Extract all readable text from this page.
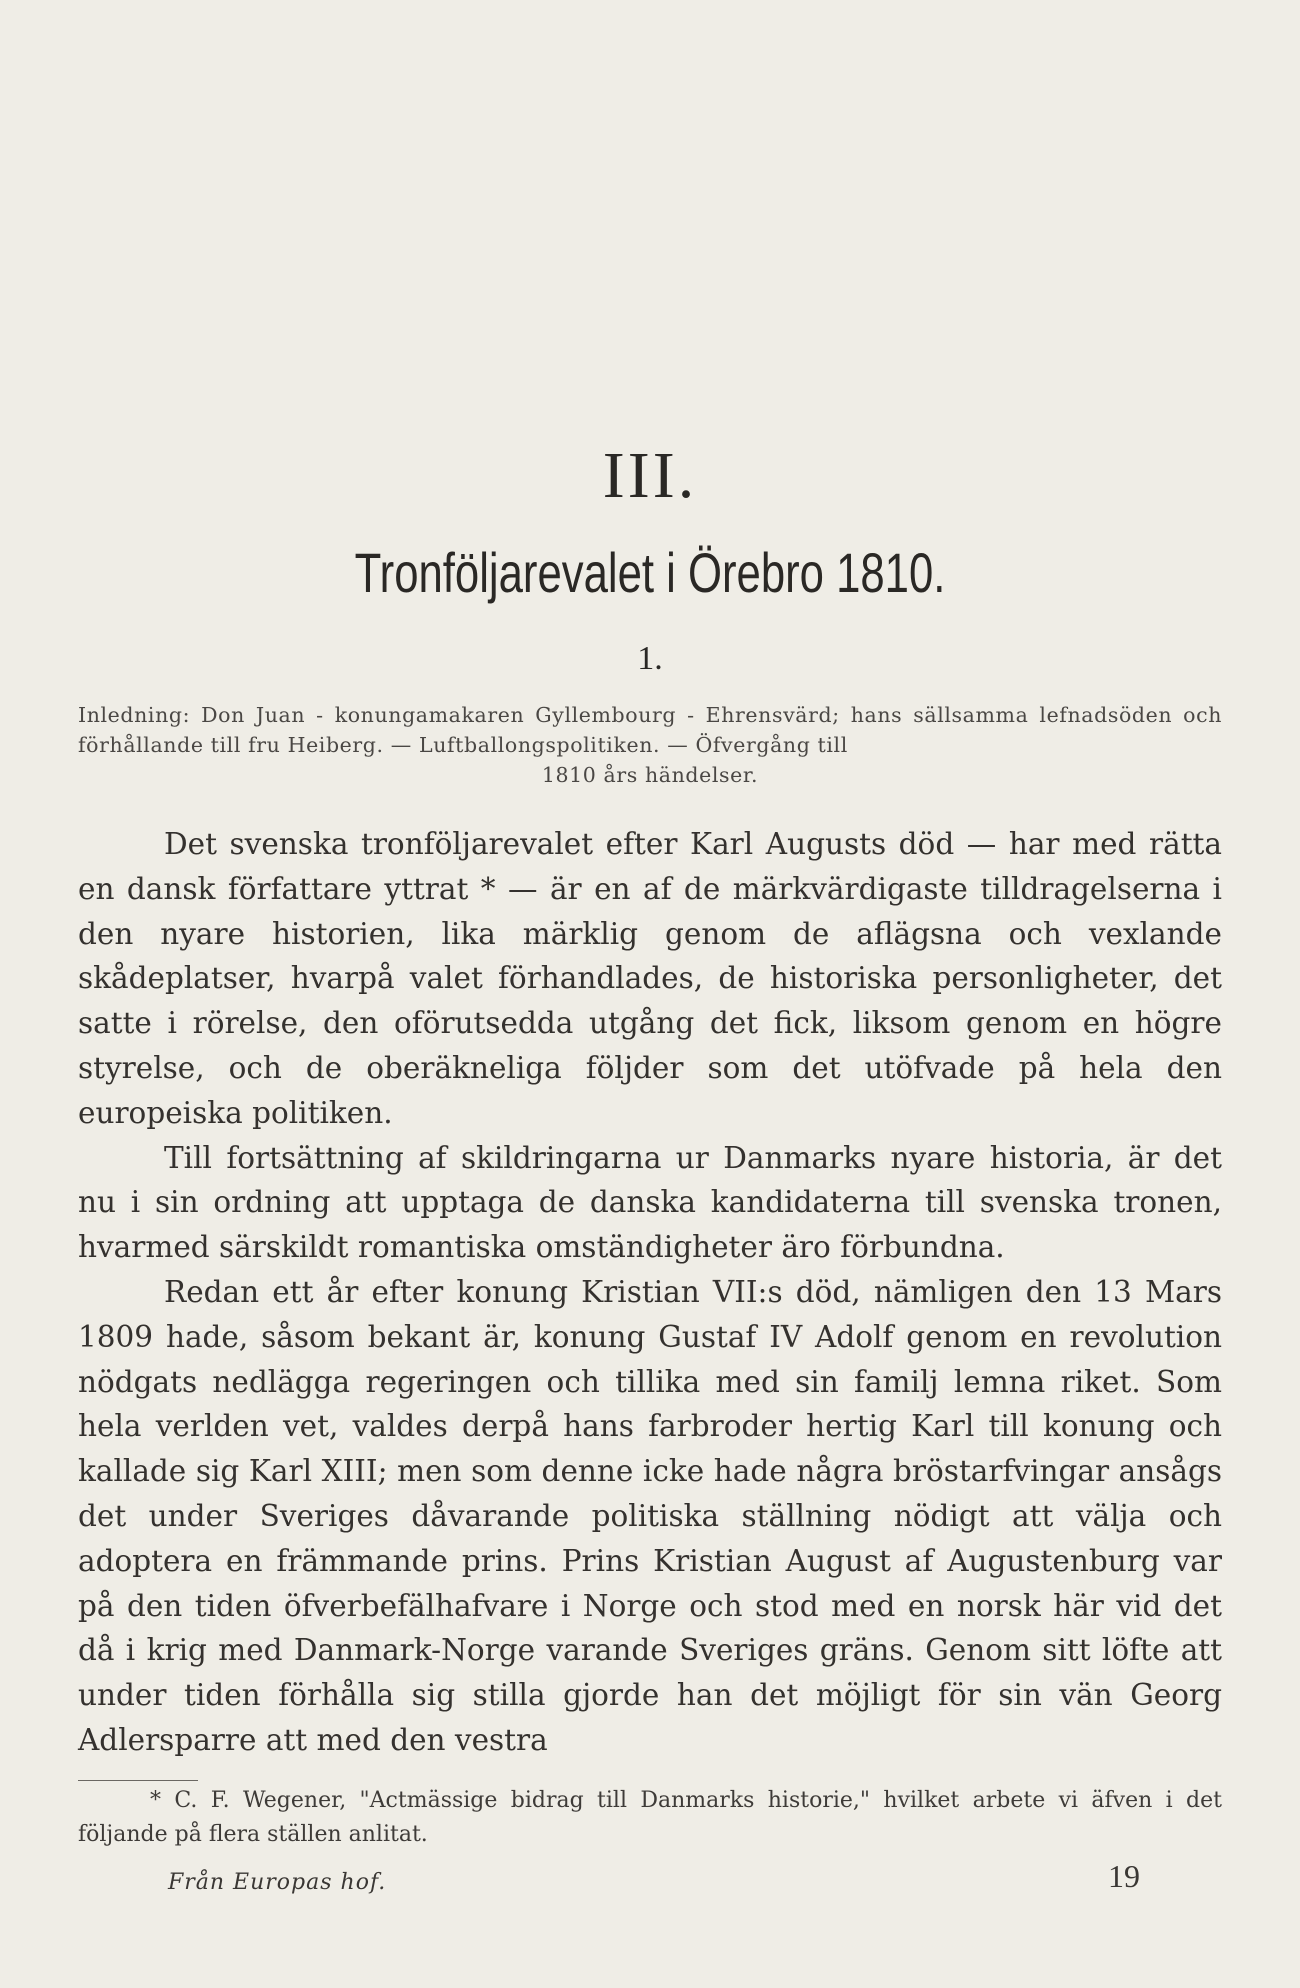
III.
Tronföljarevalet i Örebro 1810.
1.
Inledning: Don Juan - konungamakaren Gyllembourg - Ehrensvärd; hans sällsamma lefnadsöden och förhållande till fru Heiberg. — Luftballongspolitiken. — Öfvergång till
1810 års händelser.

Det svenska tronföljarevalet efter Karl Augusts död — har med rätta en dansk författare yttrat * — är en af de märkvärdigaste tilldragelserna i den nyare historien, lika märklig genom de aflägsna och vexlande skådeplatser, hvarpå valet förhandlades, de historiska personligheter, det satte i rörelse, den oförutsedda utgång det fick, liksom genom en högre styrelse, och de oberäkneliga följder som det utöfvade på hela den europeiska politiken.

Till fortsättning af skildringarna ur Danmarks nyare historia, är det nu i sin ordning att upptaga de danska kandidaterna till svenska tronen, hvarmed särskildt romantiska omständigheter äro förbundna.

Redan ett år efter konung Kristian VII:s död, nämligen den 13 Mars 1809 hade, såsom bekant är, konung Gustaf IV Adolf genom en revolution nödgats nedlägga regeringen och tillika med sin familj lemna riket. Som hela verlden vet, valdes derpå hans farbroder hertig Karl till konung och kallade sig Karl XIII; men som denne icke hade några bröstarfvingar ansågs det under Sveriges dåvarande politiska ställning nödigt att välja och adoptera en främmande prins. Prins Kristian August af Augustenburg var på den tiden öfverbefälhafvare i Norge och stod med en norsk här vid det då i krig med Danmark-Norge varande Sveriges gräns. Genom sitt löfte att under tiden förhålla sig stilla gjorde han det möjligt för sin vän Georg Adlersparre att med den vestra

* C. F. Wegener, "Actmässige bidrag till Danmarks historie," hvilket arbete vi äfven i det följande på flera ställen anlitat.
Från Europas hof.	19
